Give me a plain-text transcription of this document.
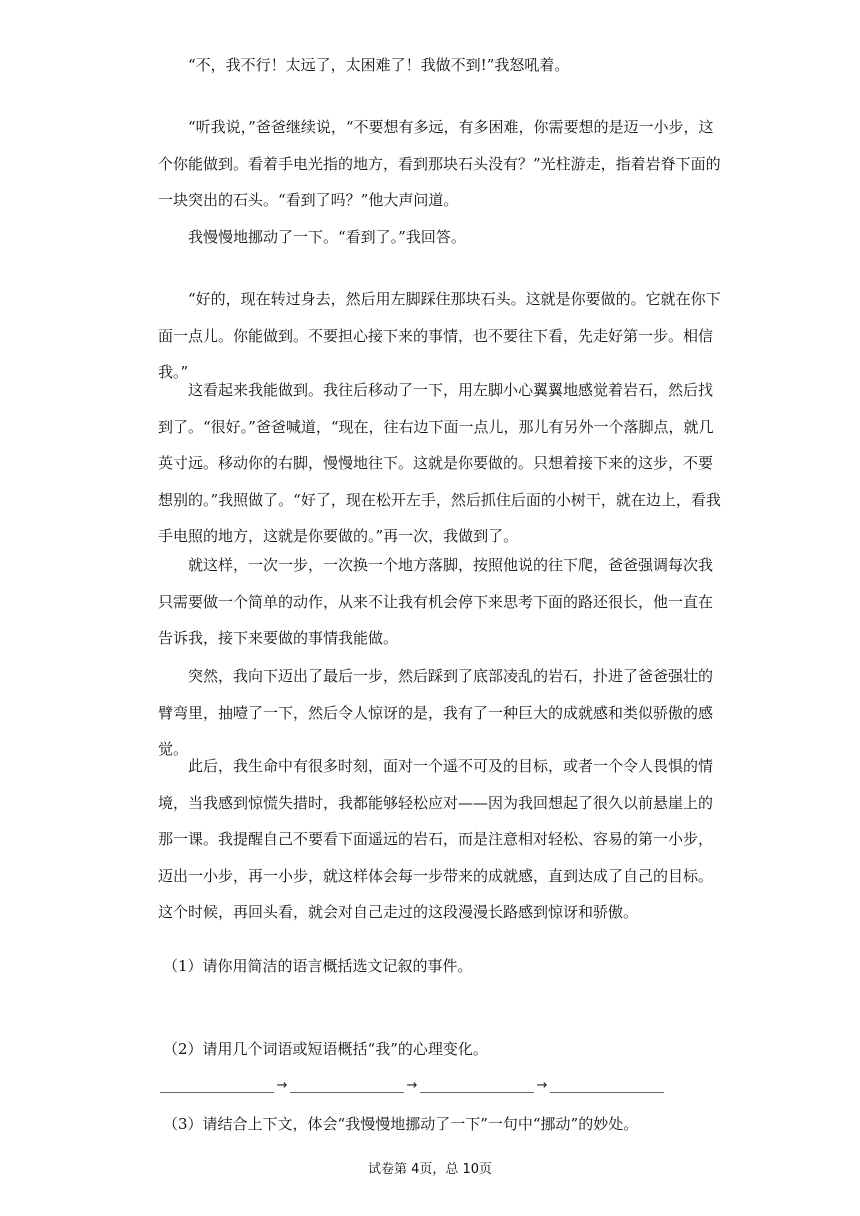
“不，我不行！太远了，太困难了！我做不到!”我怒吼着。

“听我说，”爸爸继续说，“不要想有多远，有多困难，你需要想的是迈一小步，这个你能做到。看着手电光指的地方，看到那块石头没有？”光柱游走，指着岩脊下面的一块突出的石头。“看到了吗？”他大声问道。

我慢慢地挪动了一下。“看到了。”我回答。

“好的，现在转过身去，然后用左脚踩住那块石头。这就是你要做的。它就在你下面一点儿。你能做到。不要担心接下来的事情，也不要往下看，先走好第一步。相信我。”

这看起来我能做到。我往后移动了一下，用左脚小心翼翼地感觉着岩石，然后找到了。“很好。”爸爸喊道，“现在，往右边下面一点儿，那儿有另外一个落脚点，就几英寸远。移动你的右脚，慢慢地往下。这就是你要做的。只想着接下来的这步，不要想别的。”我照做了。“好了，现在松开左手，然后抓住后面的小树干，就在边上，看我手电照的地方，这就是你要做的。”再一次，我做到了。

就这样，一次一步，一次换一个地方落脚，按照他说的往下爬，爸爸强调每次我只需要做一个简单的动作，从来不让我有机会停下来思考下面的路还很长，他一直在告诉我，接下来要做的事情我能做。

突然，我向下迈出了最后一步，然后踩到了底部凌乱的岩石，扑进了爸爸强壮的臂弯里，抽噎了一下，然后令人惊讶的是，我有了一种巨大的成就感和类似骄傲的感觉。

此后，我生命中有很多时刻，面对一个遥不可及的目标，或者一个令人畏惧的情境，当我感到惊慌失措时，我都能够轻松应对——因为我回想起了很久以前悬崖上的那一课。我提醒自己不要看下面遥远的岩石，而是注意相对轻松、容易的第一小步，迈出一小步，再一小步，就这样体会每一步带来的成就感，直到达成了自己的目标。这个时候，再回头看，就会对自己走过的这段漫漫长路感到惊讶和骄傲。

（1）请你用简洁的语言概括选文记叙的事件。

（2）请用几个词语或短语概括“我”的心理变化。

→	→	→

（3）请结合上下文，体会“我慢慢地挪动了一下”一句中“挪动”的妙处。

试卷第 4页，总 10页
